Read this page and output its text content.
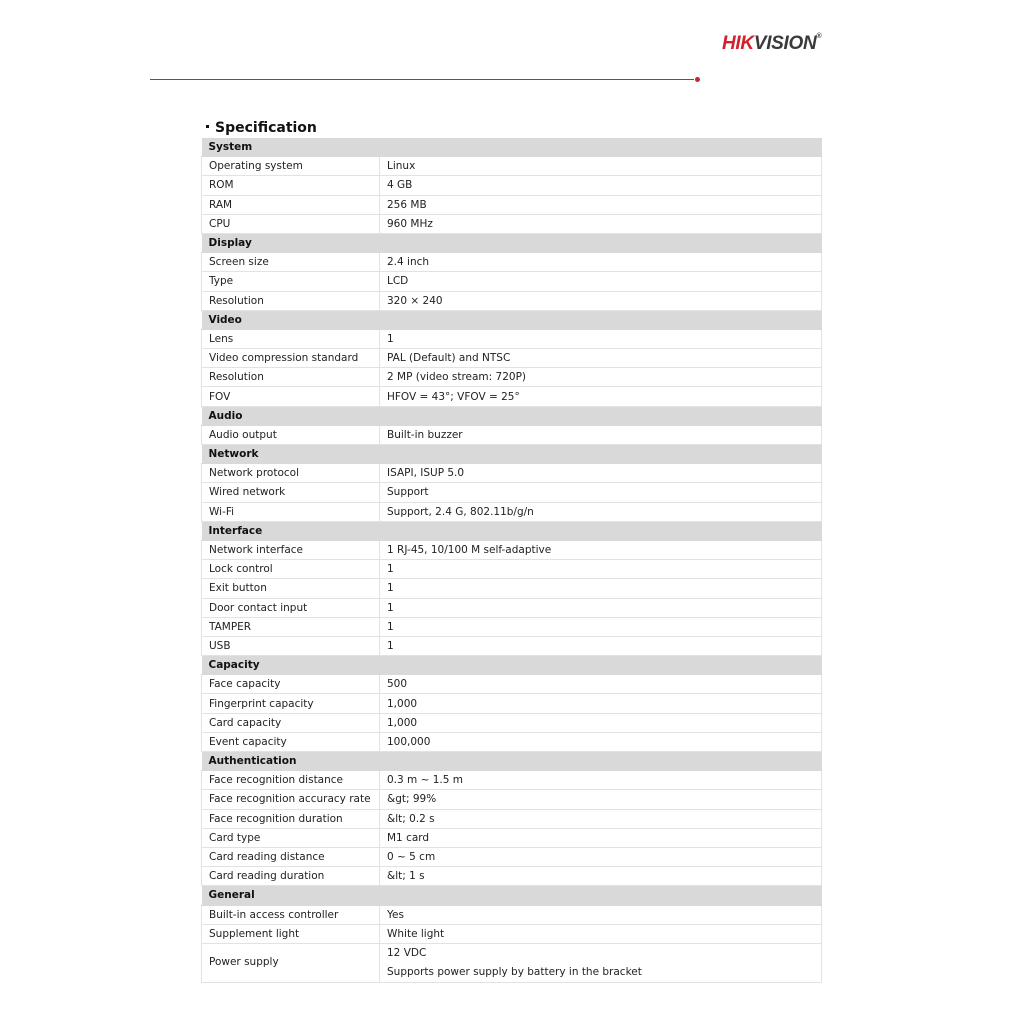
HIKVISION®
Specification
System	
Operating system	Linux
ROM	4 GB
RAM	256 MB
CPU	960 MHz
Display	
Screen size	2.4 inch
Type	LCD
Resolution	320 × 240
Video	
Lens	1
Video compression standard	PAL (Default) and NTSC
Resolution	2 MP (video stream: 720P)
FOV	HFOV = 43°; VFOV = 25°
Audio	
Audio output	Built-in buzzer
Network	
Network protocol	ISAPI, ISUP 5.0
Wired network	Support
Wi-Fi	Support, 2.4 G, 802.11b/g/n
Interface	
Network interface	1 RJ-45, 10/100 M self-adaptive
Lock control	1
Exit button	1
Door contact input	1
TAMPER	1
USB	1
Capacity	
Face capacity	500
Fingerprint capacity	1,000
Card capacity	1,000
Event capacity	100,000
Authentication	
Face recognition distance	0.3 m ~ 1.5 m
Face recognition accuracy rate	&gt; 99%
Face recognition duration	&lt; 0.2 s
Card type	M1 card
Card reading distance	0 ~ 5 cm
Card reading duration	&lt; 1 s
General	
Built-in access controller	Yes
Supplement light	White light
Power supply	12 VDC
Supports power supply by battery in the bracket
